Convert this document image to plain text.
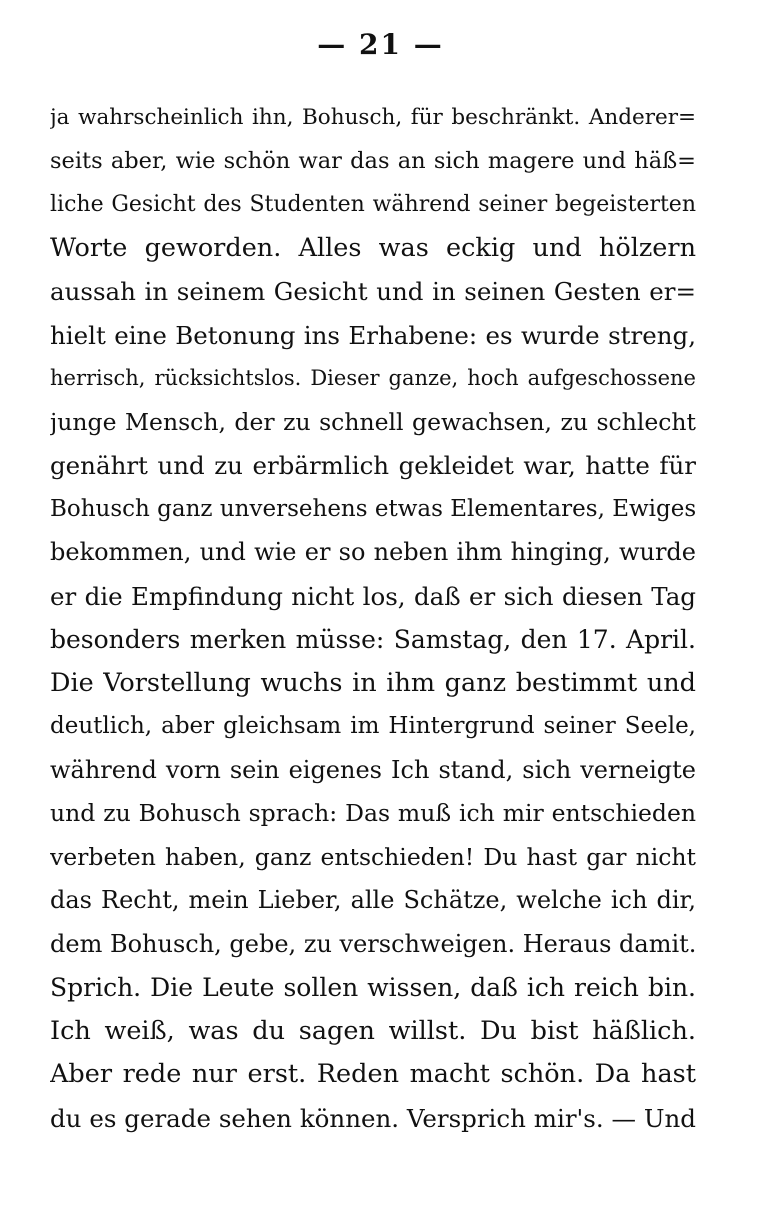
— 21 —
ja wahrscheinlich ihn, Bohusch, für beschränkt. Anderer=
seits aber, wie schön war das an sich magere und häß=
liche Gesicht des Studenten während seiner begeisterten
Worte geworden. Alles was eckig und hölzern
aussah in seinem Gesicht und in seinen Gesten er=
hielt eine Betonung ins Erhabene: es wurde streng,
herrisch, rücksichtslos. Dieser ganze, hoch aufgeschossene
junge Mensch, der zu schnell gewachsen, zu schlecht
genährt und zu erbärmlich gekleidet war, hatte für
Bohusch ganz unversehens etwas Elementares, Ewiges
bekommen, und wie er so neben ihm hinging, wurde
er die Empfindung nicht los, daß er sich diesen Tag
besonders merken müsse: Samstag, den 17. April.
Die Vorstellung wuchs in ihm ganz bestimmt und
deutlich, aber gleichsam im Hintergrund seiner Seele,
während vorn sein eigenes Ich stand, sich verneigte
und zu Bohusch sprach: Das muß ich mir entschieden
verbeten haben, ganz entschieden! Du hast gar nicht
das Recht, mein Lieber, alle Schätze, welche ich dir,
dem Bohusch, gebe, zu verschweigen. Heraus damit.
Sprich. Die Leute sollen wissen, daß ich reich bin.
Ich weiß, was du sagen willst. Du bist häßlich.
Aber rede nur erst. Reden macht schön. Da hast
du es gerade sehen können. Versprich mir's. — Und
